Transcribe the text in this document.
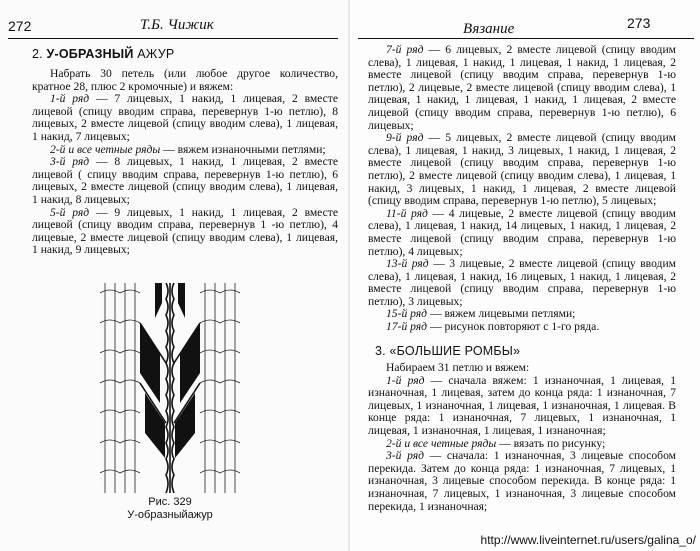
272	Т.Б. Чижик
2. У-ОБРАЗНЫЙ АЖУР

Набрать 30 петель (или любое другое количество, кратное 28, плюс 2 кромочные) и вяжем:

1-й ряд — 7 лицевых, 1 накид, 1 лицевая, 2 вместе лицевой (спицу вводим справа, перевернув 1-ю петлю), 8 лицевых, 2 вместе лицевой (спицу вводим слева), 1 лицевая, 1 накид, 7 лицевых;

2-й и все четные ряды — вяжем изнаночными петлями;

3-й ряд — 8 лицевых, 1 накид, 1 лицевая, 2 вместе лицевой ( спицу вводим справа, перевернув 1-ю петлю), 6 лицевых, 2 вместе лицевой (спицу вводим слева), 1 лицевая, 1 накид, 8 лицевых;

5-й ряд — 9 лицевых, 1 накид, 1 лицевая, 2 вместе лицевой (спицу вводим справа, перевернув 1 -ю петлю), 4 лицевые, 2 вместе лицевой (спицу вводим слева), 1 лицевая, 1 накид, 9 лицевых;

Рис. 329
У-образныйажур
Вязание	273

7-й ряд — 6 лицевых, 2 вместе лицевой (спицу вводим слева), 1 лицевая, 1 накид, 1 лицевая, 1 накид, 1 лицевая, 2 вместе лицевой (спицу вводим справа, перевернув 1-ю петлю), 2 лицевые, 2 вместе лицевой (спицу вводим слева), 1 лицевая, 1 накид, 1 лицевая, 1 накид, 1 лицевая, 2 вместе лицевой (спицу вводим справа, перевернув 1-ю петлю), 6 лицевых;

9-й ряд — 5 лицевых, 2 вместе лицевой (спицу вводим слева), 1 лицевая, 1 накид, 3 лицевых, 1 накид, 1 лицевая, 2 вместе лицевой (спицу вводим справа, перевернув 1-ю петлю), 2 вместе лицевой (спицу вводим слева), 1 лицевая, 1 накид, 3 лицевых, 1 накид, 1 лицевая, 2 вместе лицевой (спицу вводим справа, перевернув 1-ю петлю), 5 лицевых;

11-й ряд — 4 лицевые, 2 вместе лицевой (спицу вводим слева), 1 лицевая, 1 накид, 14 лицевых, 1 накид, 1 лицевая, 2 вместе лицевой (спицу вводим справа, перевернув 1-ю петлю), 4 лицевых;

13-й ряд — 3 лицевые, 2 вместе лицевой (спицу вводим слева), 1 лицевая, 1 накид, 16 лицевых, 1 накид, 1 лицевая, 2 вместе лицевой (спицу вводим справа, перевернув 1-ю петлю), 3 лицевых;

15-й ряд — вяжем лицевыми петлями;

17-й ряд — рисунок повторяют с 1-го ряда.

3. «БОЛЬШИЕ РОМБЫ»

Набираем 31 петлю и вяжем:

1-й ряд — сначала вяжем: 1 изнаночная, 1 лицевая, 1 изнаночная, 1 лицевая, затем до конца ряда: 1 изнаночная, 7 лицевых, 1 изнаночная, 1 лицевая, 1 изнаночная, 1 лицевая. В конце ряда: 1 изнаночная, 7 лицевых, 1 изнаночная, 1 лицевая, 1 изнаночная, 1 лицевая, 1 изнаночная;

2-й и все четные ряды — вязать по рисунку;

3-й ряд — сначала: 1 изнаночная, 3 лицевые способом перекида. Затем до конца ряда: 1 изнаночная, 7 лицевых, 1 изнаночная, 3 лицевые способом перекида. В конце ряда: 1 изнаночная, 7 лицевых, 1 изнаночная, 3 лицевые способом перекида, 1 изнаночная;

http://www.liveinternet.ru/users/galina_o/
